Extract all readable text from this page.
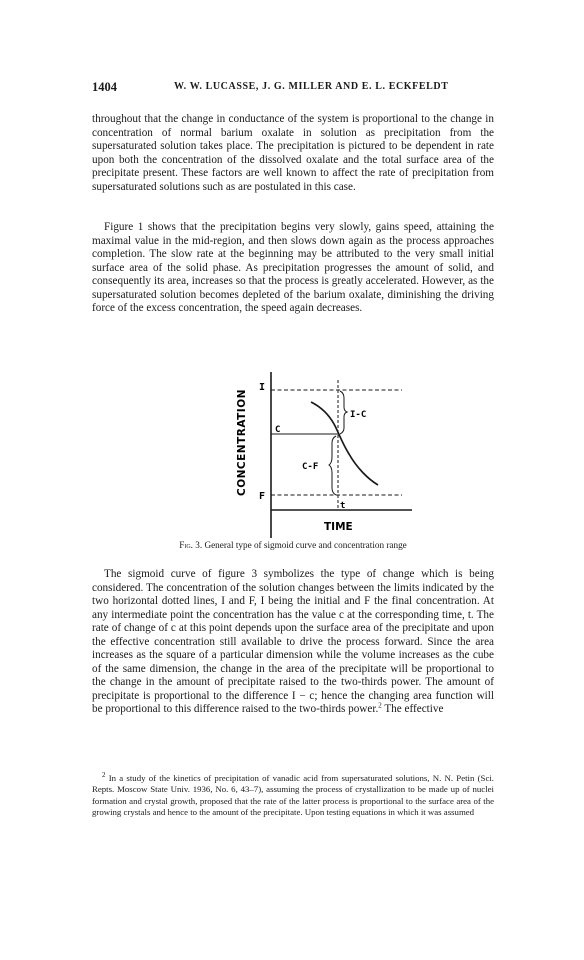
1404	W. W. LUCASSE, J. G. MILLER AND E. L. ECKFELDT

throughout that the change in conductance of the system is proportional to the change in concentration of normal barium oxalate in solution as precipitation from the supersaturated solution takes place. The precipitation is pictured to be dependent in rate upon both the concentration of the dissolved oxalate and the total surface area of the precipitate present. These factors are well known to affect the rate of precipitation from supersaturated solutions such as are postulated in this case.

Figure 1 shows that the precipitation begins very slowly, gains speed, attaining the maximal value in the mid-region, and then slows down again as the process approaches completion. The slow rate at the beginning may be attributed to the very small initial surface area of the solid phase. As precipitation progresses the amount of solid, and consequently its area, increases so that the process is greatly accelerated. However, as the supersaturated solution becomes depleted of the barium oxalate, diminishing the driving force of the excess concentration, the speed again decreases.

CONCENTRATION
I
C
F
I-C
C-F
t
TIME
Fig. 3. General type of sigmoid curve and concentration range

The sigmoid curve of figure 3 symbolizes the type of change which is being considered. The concentration of the solution changes between the limits indicated by the two horizontal dotted lines, I and F, I being the initial and F the final concentration. At any intermediate point the concentration has the value c at the corresponding time, t. The rate of change of c at this point depends upon the surface area of the precipitate and upon the effective concentration still available to drive the process forward. Since the area increases as the square of a particular dimension while the volume increases as the cube of the same dimension, the change in the area of the precipitate will be proportional to the change in the amount of precipitate raised to the two-thirds power. The amount of precipitate is proportional to the difference I − c; hence the changing area function will be proportional to this difference raised to the two-thirds power.$^2$ The effective

$^2$ In a study of the kinetics of precipitation of vanadic acid from supersaturated solutions, N. N. Petin (Sci. Repts. Moscow State Univ. 1936, No. 6, 43–7), assuming the process of crystallization to be made up of nuclei formation and crystal growth, proposed that the rate of the latter process is proportional to the surface area of the growing crystals and hence to the amount of the precipitate. Upon testing equations in which it was assumed
